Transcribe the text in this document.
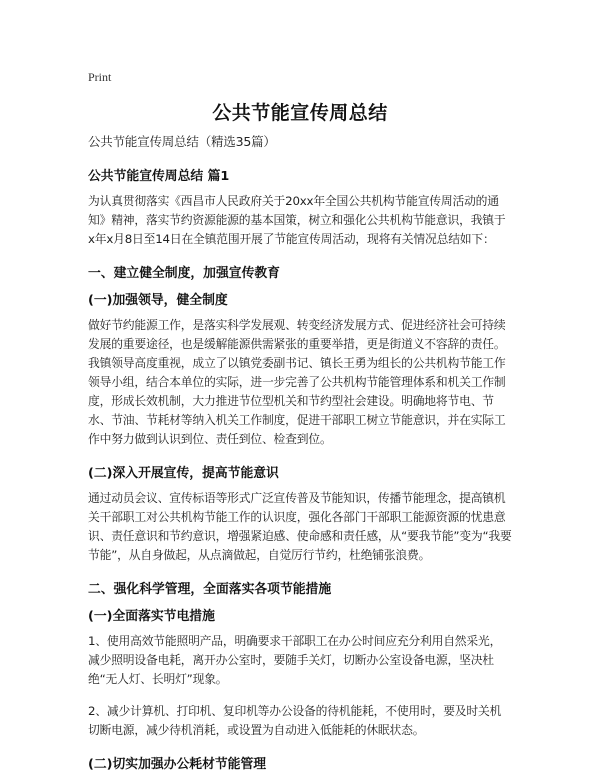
Print
公共节能宣传周总结

公共节能宣传周总结（精选35篇）

公共节能宣传周总结 篇1

为认真贯彻落实《西昌市人民政府关于20xx年全国公共机构节能宣传周活动的通知》精神，落实节约资源能源的基本国策，树立和强化公共机构节能意识，我镇于x年x月8日至14日在全镇范围开展了节能宣传周活动，现将有关情况总结如下：

一、建立健全制度，加强宣传教育

(一)加强领导，健全制度

做好节约能源工作，是落实科学发展观、转变经济发展方式、促进经济社会可持续发展的重要途径，也是缓解能源供需紧张的重要举措，更是街道义不容辞的责任。我镇领导高度重视，成立了以镇党委副书记、镇长王勇为组长的公共机构节能工作领导小组，结合本单位的实际，进一步完善了公共机构节能管理体系和机关工作制度，形成长效机制，大力推进节位型机关和节约型社会建设。明确地将节电、节水、节油、节耗材等纳入机关工作制度，促进干部职工树立节能意识，并在实际工作中努力做到认识到位、责任到位、检查到位。

(二)深入开展宣传，提高节能意识

通过动员会议、宣传标语等形式广泛宣传普及节能知识，传播节能理念，提高镇机关干部职工对公共机构节能工作的认识度，强化各部门干部职工能源资源的忧患意识、责任意识和节约意识，增强紧迫感、使命感和责任感，从“要我节能”变为“我要节能”，从自身做起，从点滴做起，自觉厉行节约，杜绝铺张浪费。

二、强化科学管理，全面落实各项节能措施

(一)全面落实节电措施

1、使用高效节能照明产品，明确要求干部职工在办公时间应充分利用自然采光，减少照明设备电耗，离开办公室时，要随手关灯，切断办公室设备电源，坚决杜绝“无人灯、长明灯”现象。

2、减少计算机、打印机、复印机等办公设备的待机能耗，不使用时，要及时关机切断电源，减少待机消耗，或设置为自动进入低能耗的休眠状态。

(二)切实加强办公耗材节能管理
